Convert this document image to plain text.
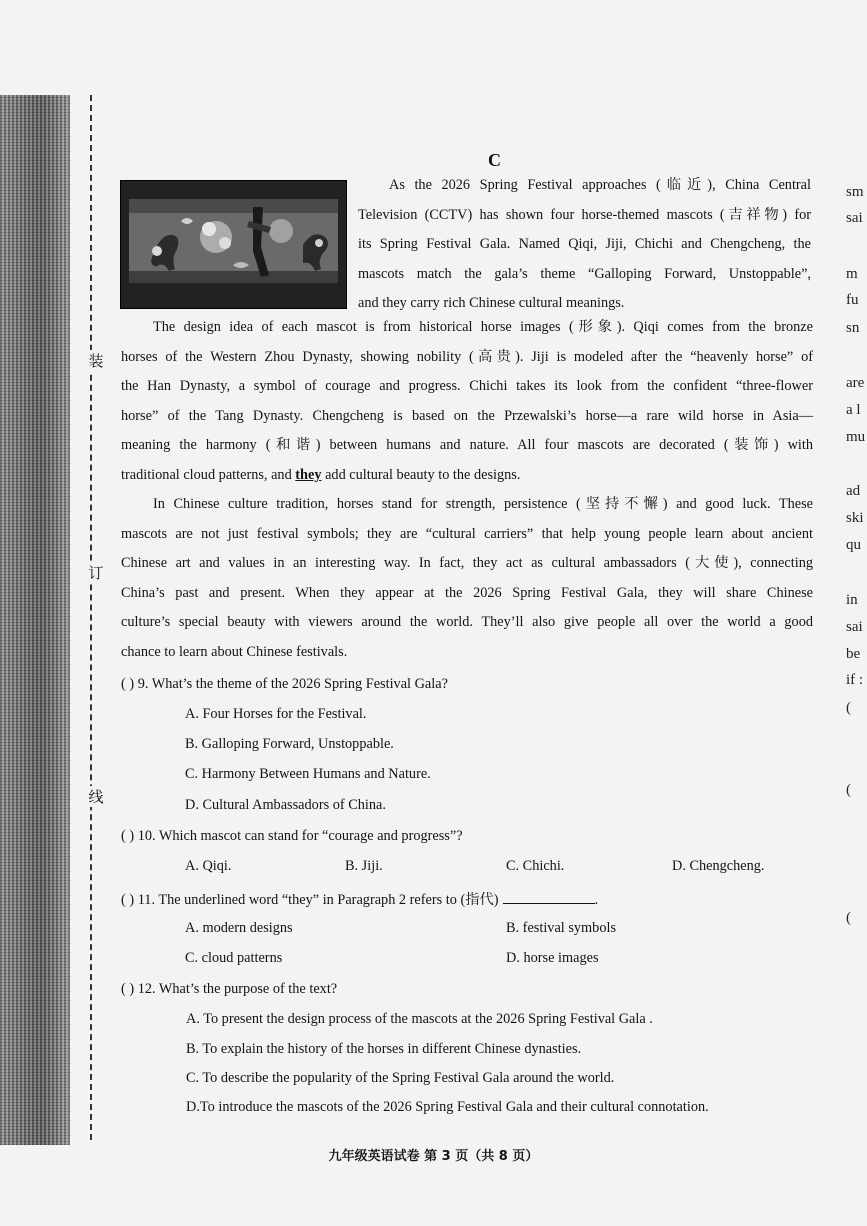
装
订
线
sm
sai
m
fu
sn
are
a l
mu
ad
ski
qu
in
sai
be
if :
(
(
(
C
As the 2026 Spring Festival approaches (临近), China Central
Television (CCTV) has shown four horse-themed mascots (吉祥物) for
its Spring Festival Gala. Named Qiqi, Jiji, Chichi and Chengcheng, the
mascots match the gala’s theme “Galloping Forward, Unstoppable”,
and they carry rich Chinese cultural meanings.
The design idea of each mascot is from historical horse images (形象). Qiqi comes from the bronze
horses of the Western Zhou Dynasty, showing nobility (高贵). Jiji is modeled after the “heavenly horse” of
the Han Dynasty, a symbol of courage and progress. Chichi takes its look from the confident “three-flower
horse” of the Tang Dynasty. Chengcheng is based on the Przewalski’s horse—a rare wild horse in Asia—
meaning the harmony (和谐) between humans and nature. All four mascots are decorated (装饰) with
traditional cloud patterns, and they add cultural beauty to the designs.
In Chinese culture tradition, horses stand for strength, persistence (坚持不懈) and good luck. These
mascots are not just festival symbols; they are “cultural carriers” that help young people learn about ancient
Chinese art and values in an interesting way. In fact, they act as cultural ambassadors (大使), connecting
China’s past and present. When they appear at the 2026 Spring Festival Gala, they will share Chinese
culture’s special beauty with viewers around the world. They’ll also give people all over the world a good
chance to learn about Chinese festivals.
( ) 9. What’s the theme of the 2026 Spring Festival Gala?
A. Four Horses for the Festival.
B. Galloping Forward, Unstoppable.
C. Harmony Between Humans and Nature.
D. Cultural Ambassadors of China.
( ) 10. Which mascot can stand for “courage and progress”?
A. Qiqi.	B. Jiji.	C. Chichi.	D. Chengcheng.
( ) 11. The underlined word “they” in Paragraph 2 refers to (指代)	.
A. modern designs	B. festival symbols
C. cloud patterns	D. horse images
( ) 12. What’s the purpose of the text?
A. To present the design process of the mascots at the 2026 Spring Festival Gala .
B. To explain the history of the horses in different Chinese dynasties.
C. To describe the popularity of the Spring Festival Gala around the world.
D.To introduce the mascots of the 2026 Spring Festival Gala and their cultural connotation.
九年级英语试卷 第 3 页（共 8 页）
